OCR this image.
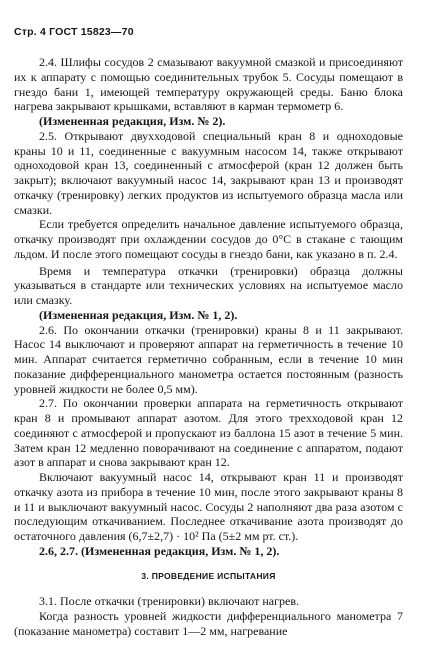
Стр. 4 ГОСТ 15823—70

2.4. Шлифы сосудов 2 смазывают вакуумной смазкой и присоединяют их к аппарату с помощью соединительных трубок 5. Сосуды помещают в гнездо бани 1, имеющей температуру окружающей среды. Баню блока нагрева закрывают крышками, вставляют в карман термометр 6.

(Измененная редакция, Изм. № 2).

2.5. Открывают двухходовой специальный кран 8 и одноходовые краны 10 и 11, соединенные с вакуумным насосом 14, также открывают одноходовой кран 13, соединенный с атмосферой (кран 12 должен быть закрыт); включают вакуумный насос 14, закрывают кран 13 и производят откачку (тренировку) легких продуктов из испытуемого образца масла или смазки.

Если требуется определить начальное давление испытуемого образца, откачку производят при охлаждении сосудов до 0°С в стакане с тающим льдом. И после этого помещают сосуды в гнездо бани, как указано в п. 2.4.

Время и температура откачки (тренировки) образца должны указываться в стандарте или технических условиях на испытуемое масло или смазку.

(Измененная редакция, Изм. № 1, 2).

2.6. По окончании откачки (тренировки) краны 8 и 11 закрывают. Насос 14 выключают и проверяют аппарат на герметичность в течение 10 мин. Аппарат считается герметично собранным, если в течение 10 мин показание дифференциального манометра остается постоянным (разность уровней жидкости не более 0,5 мм).

2.7. По окончании проверки аппарата на герметичность открывают кран 8 и промывают аппарат азотом. Для этого трехходовой кран 12 соединяют с атмосферой и пропускают из баллона 15 азот в течение 5 мин. Затем кран 12 медленно поворачивают на соединение с аппаратом, подают азот в аппарат и снова закрывают кран 12.

Включают вакуумный насос 14, открывают кран 11 и производят откачку азота из прибора в течение 10 мин, после этого закрывают краны 8 и 11 и выключают вакуумный насос. Сосуды 2 наполняют два раза азотом с последующим откачиванием. Последнее откачивание азота производят до остаточного давления (6,7±2,7) · 10² Па (5±2 мм рт. ст.).

2.6, 2.7. (Измененная редакция, Изм. № 1, 2).

3. ПРОВЕДЕНИЕ ИСПЫТАНИЯ

3.1. После откачки (тренировки) включают нагрев.

Когда разность уровней жидкости дифференциального манометра 7 (показание манометра) составит 1—2 мм, нагревание
